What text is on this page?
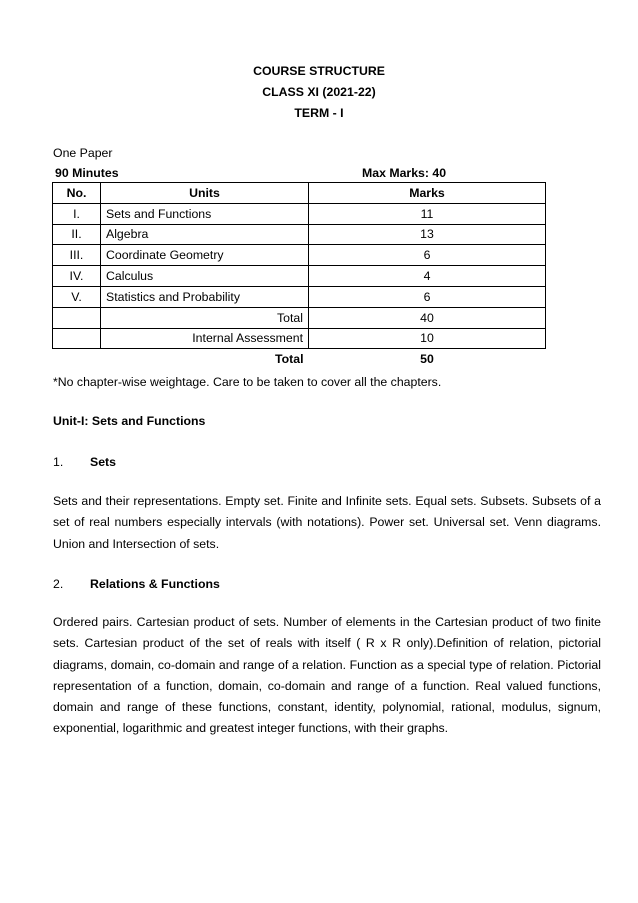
COURSE STRUCTURE
CLASS XI (2021-22)
TERM - I
One Paper
90 Minutes	Max Marks: 40
No.	Units	Marks
I.	Sets and Functions	11
II.	Algebra	13
III.	Coordinate Geometry	6
IV.	Calculus	4
V.	Statistics and Probability	6
	Total	40
	Internal Assessment	10
	Total	50
*No chapter-wise weightage. Care to be taken to cover all the chapters.
Unit-I: Sets and Functions
1. Sets

Sets and their representations. Empty set. Finite and Infinite sets. Equal sets. Subsets. Subsets of a set of real numbers especially intervals (with notations). Power set. Universal set. Venn diagrams. Union and Intersection of sets.

2. Relations & Functions

Ordered pairs. Cartesian product of sets. Number of elements in the Cartesian product of two finite sets. Cartesian product of the set of reals with itself ( R x R only).Definition of relation, pictorial diagrams, domain, co-domain and range of a relation. Function as a special type of relation. Pictorial representation of a function, domain, co-domain and range of a function. Real valued functions, domain and range of these functions, constant, identity, polynomial, rational, modulus, signum, exponential, logarithmic and greatest integer functions, with their graphs.
